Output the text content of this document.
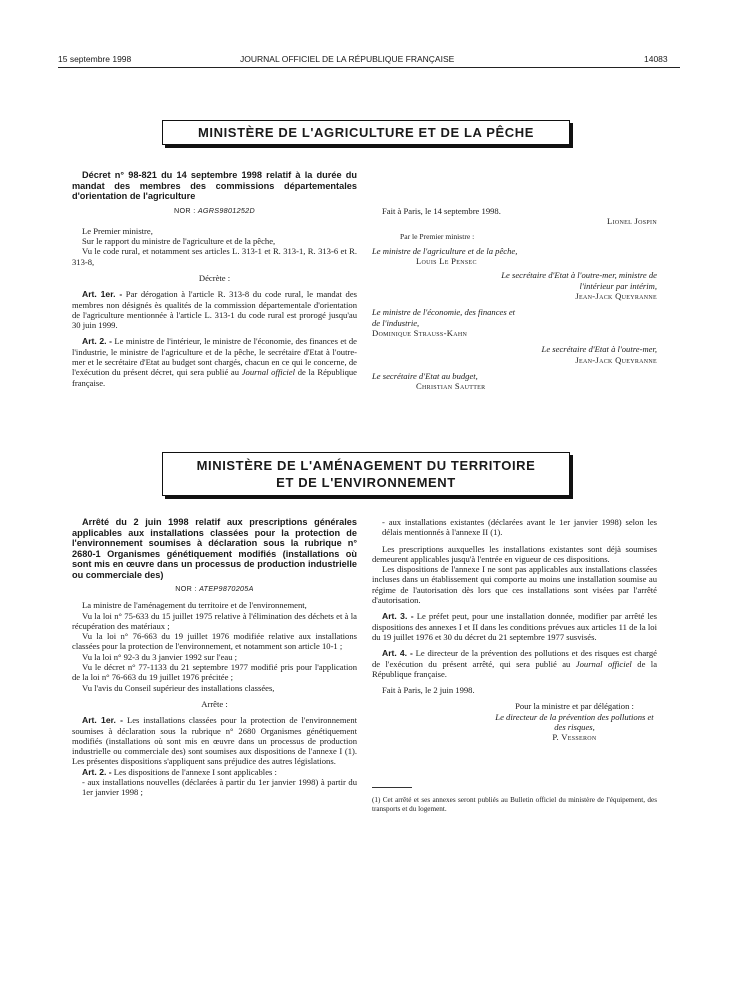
15 septembre 1998	JOURNAL OFFICIEL DE LA RÉPUBLIQUE FRANÇAISE	14083
MINISTÈRE DE L'AGRICULTURE ET DE LA PÊCHE

Décret n° 98-821 du 14 septembre 1998 relatif à la durée du mandat des membres des commissions départementales d'orientation de l'agriculture

NOR : AGRS9801252D

Le Premier ministre,

Sur le rapport du ministre de l'agriculture et de la pêche,

Vu le code rural, et notamment ses articles L. 313-1 et R. 313-1, R. 313-6 et R. 313-8,

Décrète :

Art. 1er. - Par dérogation à l'article R. 313-8 du code rural, le mandat des membres non désignés ès qualités de la commission départementale d'orientation de l'agriculture mentionnée à l'article L. 313-1 du code rural est prorogé jusqu'au 30 juin 1999.

Art. 2. - Le ministre de l'intérieur, le ministre de l'économie, des finances et de l'industrie, le ministre de l'agriculture et de la pêche, le secrétaire d'Etat à l'outre-mer et le secrétaire d'Etat au budget sont chargés, chacun en ce qui le concerne, de l'exécution du présent décret, qui sera publié au Journal officiel de la République française.

Fait à Paris, le 14 septembre 1998.

Lionel Jospin

Par le Premier ministre :

Le ministre de l'agriculture et de la pêche,

Louis Le Pensec

Le secrétaire d'Etat à l'outre-mer, ministre de l'intérieur par intérim,

Jean-Jack Queyranne

Le ministre de l'économie, des finances et de l'industrie,

Dominique Strauss-Kahn

Le secrétaire d'Etat à l'outre-mer,

Jean-Jack Queyranne

Le secrétaire d'Etat au budget,

Christian Sautter

MINISTÈRE DE L'AMÉNAGEMENT DU TERRITOIRE
ET DE L'ENVIRONNEMENT

Arrêté du 2 juin 1998 relatif aux prescriptions générales applicables aux installations classées pour la protection de l'environnement soumises à déclaration sous la rubrique n° 2680-1 Organismes génétiquement modifiés (installations où sont mis en œuvre dans un processus de production industrielle ou commerciale des)

NOR : ATEP9870205A

La ministre de l'aménagement du territoire et de l'environnement,

Vu la loi n° 75-633 du 15 juillet 1975 relative à l'élimination des déchets et à la récupération des matériaux ;

Vu la loi n° 76-663 du 19 juillet 1976 modifiée relative aux installations classées pour la protection de l'environnement, et notamment son article 10-1 ;

Vu la loi n° 92-3 du 3 janvier 1992 sur l'eau ;

Vu le décret n° 77-1133 du 21 septembre 1977 modifié pris pour l'application de la loi n° 76-663 du 19 juillet 1976 précitée ;

Vu l'avis du Conseil supérieur des installations classées,

Arrête :

Art. 1er. - Les installations classées pour la protection de l'environnement soumises à déclaration sous la rubrique n° 2680 Organismes génétiquement modifiés (installations où sont mis en œuvre dans un processus de production industrielle ou commerciale des) sont soumises aux dispositions de l'annexe I (1). Les présentes dispositions s'appliquent sans préjudice des autres législations.

Art. 2. - Les dispositions de l'annexe I sont applicables :

- aux installations nouvelles (déclarées à partir du 1er janvier 1998) à partir du 1er janvier 1998 ;

- aux installations existantes (déclarées avant le 1er janvier 1998) selon les délais mentionnés à l'annexe II (1).

Les prescriptions auxquelles les installations existantes sont déjà soumises demeurent applicables jusqu'à l'entrée en vigueur de ces dispositions.

Les dispositions de l'annexe I ne sont pas applicables aux installations classées incluses dans un établissement qui comporte au moins une installation soumise au régime de l'autorisation dès lors que ces installations sont visées par l'arrêté d'autorisation.

Art. 3. - Le préfet peut, pour une installation donnée, modifier par arrêté les dispositions des annexes I et II dans les conditions prévues aux articles 11 de la loi du 19 juillet 1976 et 30 du décret du 21 septembre 1977 susvisés.

Art. 4. - Le directeur de la prévention des pollutions et des risques est chargé de l'exécution du présent arrêté, qui sera publié au Journal officiel de la République française.

Fait à Paris, le 2 juin 1998.

Pour la ministre et par délégation :

Le directeur de la prévention des pollutions et des risques,

P. Vesseron

(1) Cet arrêté et ses annexes seront publiés au Bulletin officiel du ministère de l'équipement, des transports et du logement.
